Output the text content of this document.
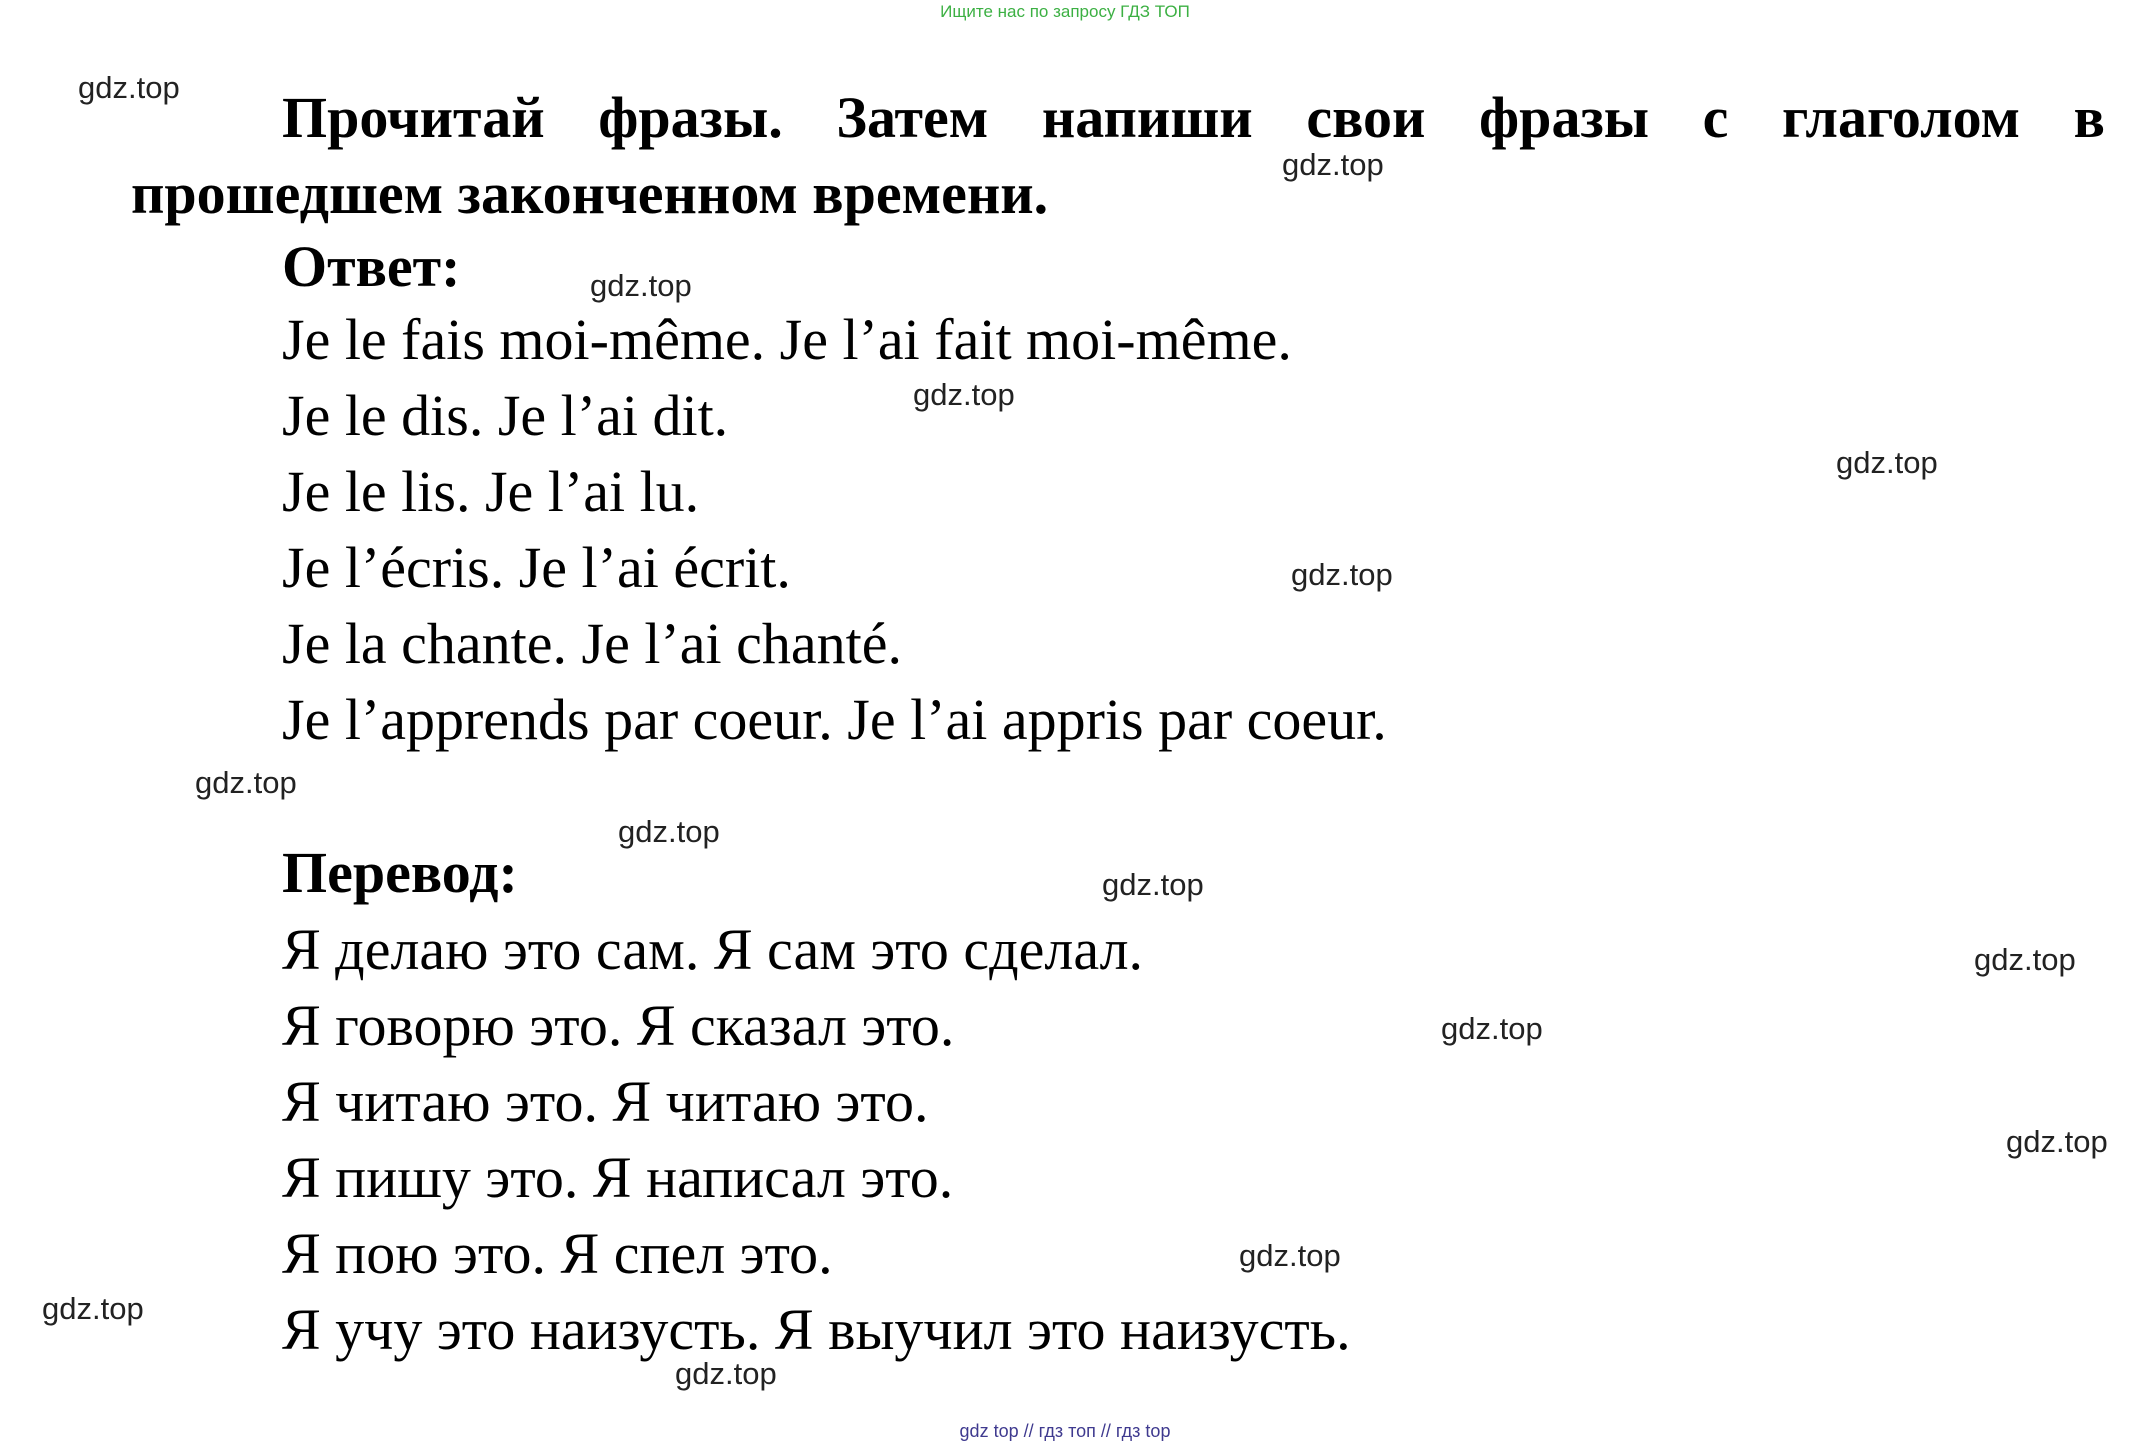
Ищите нас по запросу ГДЗ ТОП

Прочитай фразы. Затем напиши свои фразы с глаголом в прошедшем законченном времени.

Ответ:

Je le fais moi-même. Je l’ai fait moi-même.
Je le dis. Je l’ai dit.
Je le lis. Je l’ai lu.
Je l’écris. Je l’ai écrit.
Je la chante. Je l’ai chanté.
Je l’apprends par coeur. Je l’ai appris par coeur.

Перевод:

Я делаю это сам. Я сам это сделал.
Я говорю это. Я сказал это.
Я читаю это. Я читаю это.
Я пишу это. Я написал это.
Я пою это. Я спел это.
Я учу это наизусть. Я выучил это наизусть.
gdz.top
gdz.top
gdz.top
gdz.top
gdz.top
gdz.top
gdz.top
gdz.top
gdz.top
gdz.top
gdz.top
gdz.top
gdz.top
gdz.top
gdz.top
gdz top // гдз топ // гдз top
